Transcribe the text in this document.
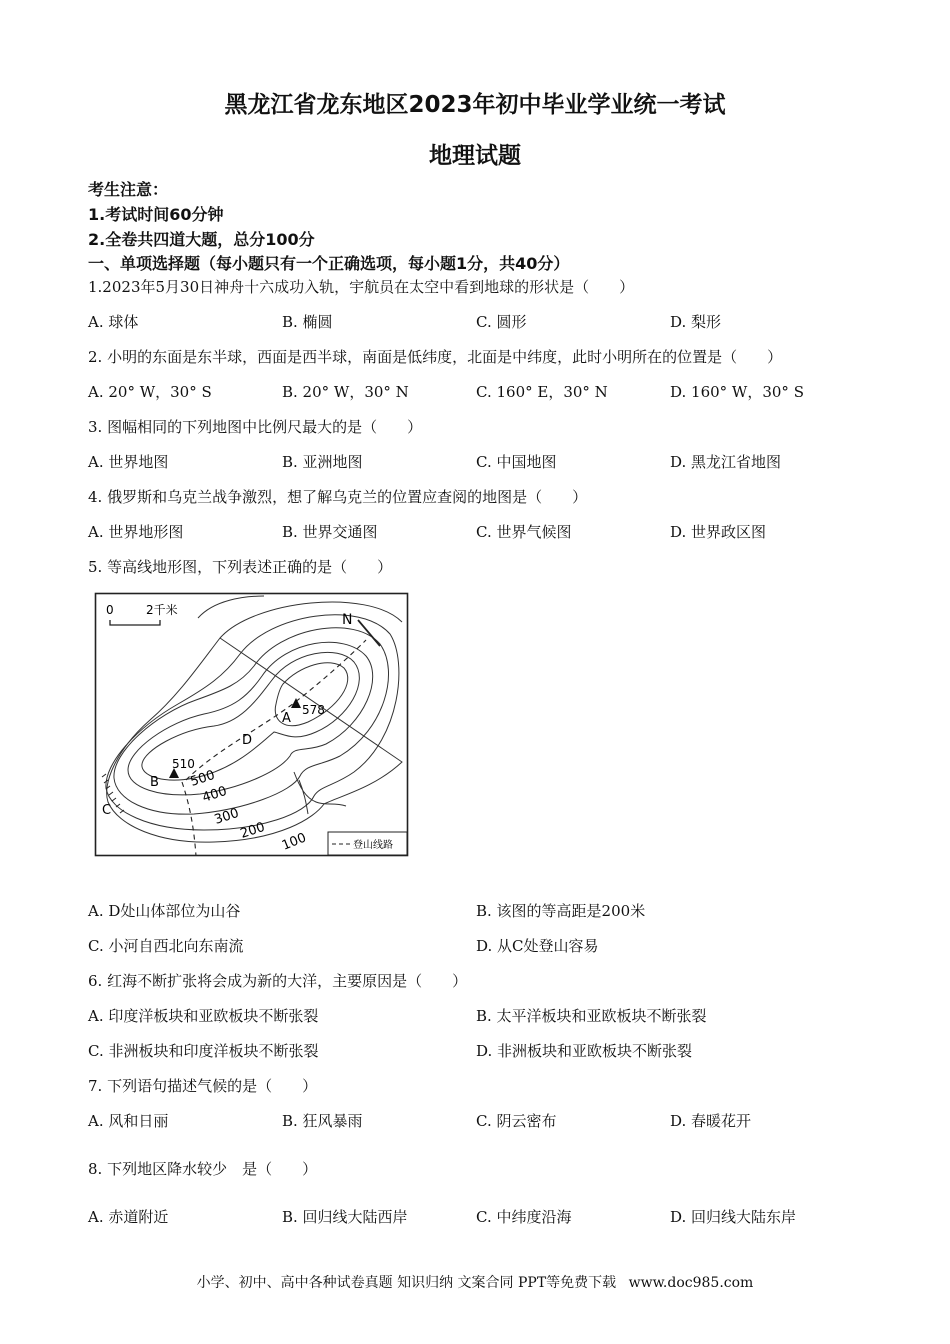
黑龙江省龙东地区2023年初中毕业学业统一考试
地理试题
考生注意：
1.考试时间60分钟
2.全卷共四道大题，总分100分
一、单项选择题（每小题只有一个正确选项，每小题1分，共40分）
1.2023年5月30日神舟十六成功入轨，宇航员在太空中看到地球的形状是（　　）
A. 球体	B. 椭圆	C. 圆形	D. 梨形
2. 小明的东面是东半球，西面是西半球，南面是低纬度，北面是中纬度，此时小明所在的位置是（　　）
A. 20° W，30° S	B. 20° W，30° N	C. 160° E，30° N	D. 160° W，30° S
3. 图幅相同的下列地图中比例尺最大的是（　　）
A. 世界地图	B. 亚洲地图	C. 中国地图	D. 黑龙江省地图
4. 俄罗斯和乌克兰战争激烈，想了解乌克兰的位置应查阅的地图是（　　）
A. 世界地形图	B. 世界交通图	C. 世界气候图	D. 世界政区图
5. 等高线地形图，下列表述正确的是（　　）
0	2千米
N
A
578
B
510
C
D
500
400
300
200 100	登山线路
A. D处山体部位为山谷	B. 该图的等高距是200米
C. 小河自西北向东南流	D. 从C处登山容易
6. 红海不断扩张将会成为新的大洋，主要原因是（　　）
A. 印度洋板块和亚欧板块不断张裂	B. 太平洋板块和亚欧板块不断张裂
C. 非洲板块和印度洋板块不断张裂	D. 非洲板块和亚欧板块不断张裂
7. 下列语句描述气候的是（　　）
A. 风和日丽	B. 狂风暴雨	C. 阴云密布	D. 春暖花开
8. 下列地区降水较少　是（　　）
A. 赤道附近	B. 回归线大陆西岸	C. 中纬度沿海	D. 回归线大陆东岸
小学、初中、高中各种试卷真题 知识归纳 文案合同 PPT等免费下载 www.doc985.com
